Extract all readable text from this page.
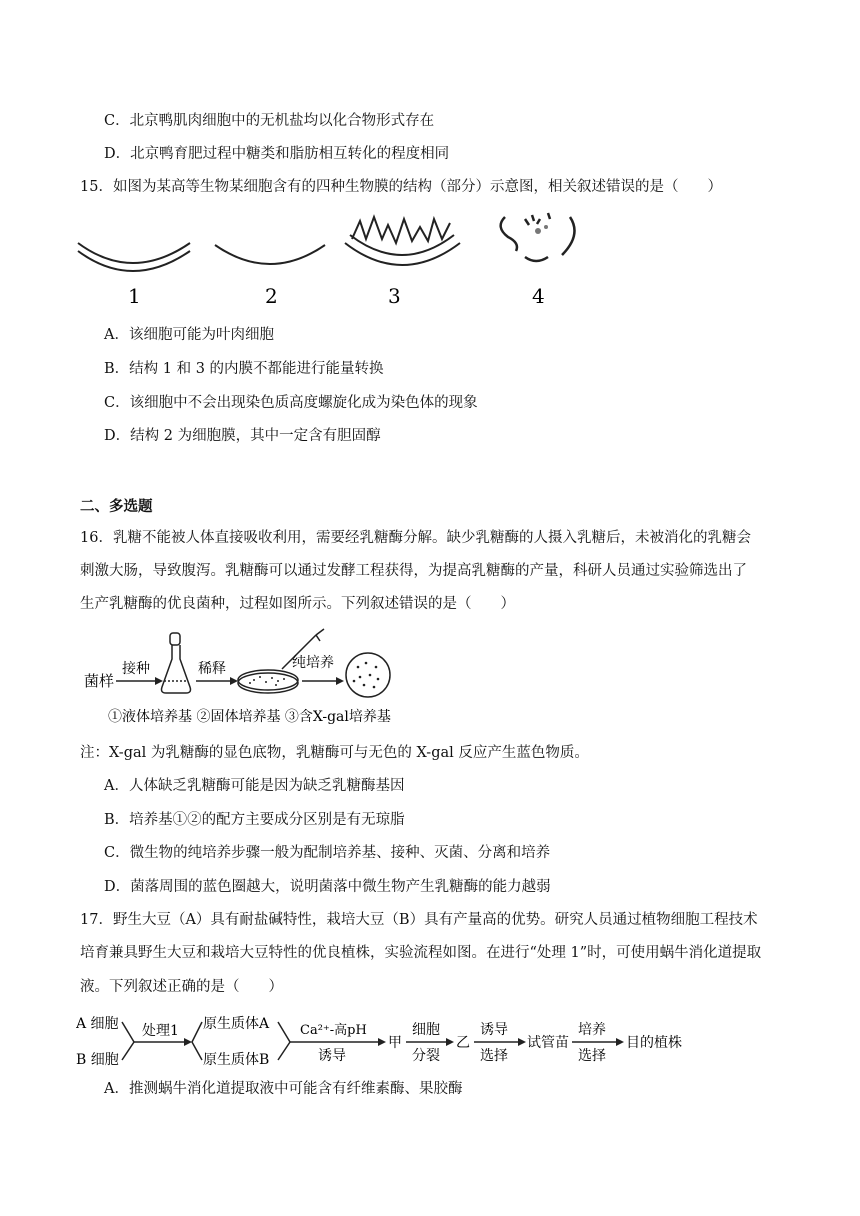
C．北京鸭肌肉细胞中的无机盐均以化合物形式存在
D．北京鸭育肥过程中糖类和脂肪相互转化的程度相同
15．如图为某高等生物某细胞含有的四种生物膜的结构（部分）示意图，相关叙述错误的是（　　）
1	2	3	4
A．该细胞可能为叶肉细胞
B．结构 1 和 3 的内膜不都能进行能量转换
C．该细胞中不会出现染色质高度螺旋化成为染色体的现象
D．结构 2 为细胞膜，其中一定含有胆固醇
二、多选题
16．乳糖不能被人体直接吸收利用，需要经乳糖酶分解。缺少乳糖酶的人摄入乳糖后，未被消化的乳糖会
刺激大肠，导致腹泻。乳糖酶可以通过发酵工程获得，为提高乳糖酶的产量，科研人员通过实验筛选出了
生产乳糖酶的优良菌种，过程如图所示。下列叙述错误的是（　　）
菌样
接种	稀释	纯培养
①液体培养基 ②固体培养基 ③含X-gal培养基
注：X-gal 为乳糖酶的显色底物，乳糖酶可与无色的 X-gal 反应产生蓝色物质。
A．人体缺乏乳糖酶可能是因为缺乏乳糖酶基因
B．培养基①②的配方主要成分区别是有无琼脂
C．微生物的纯培养步骤一般为配制培养基、接种、灭菌、分离和培养
D．菌落周围的蓝色圈越大，说明菌落中微生物产生乳糖酶的能力越弱
17．野生大豆（A）具有耐盐碱特性，栽培大豆（B）具有产量高的优势。研究人员通过植物细胞工程技术
培育兼具野生大豆和栽培大豆特性的优良植株，实验流程如图。在进行“处理 1”时，可使用蜗牛消化道提取
液。下列叙述正确的是（　　）
A 细胞
B 细胞
处理1 原生质体A
原生质体B
Ca²⁺-高pH
诱导
甲
细胞
分裂
乙
诱导
选择
试管苗
培养
选择
目的植株
A．推测蜗牛消化道提取液中可能含有纤维素酶、果胶酶
